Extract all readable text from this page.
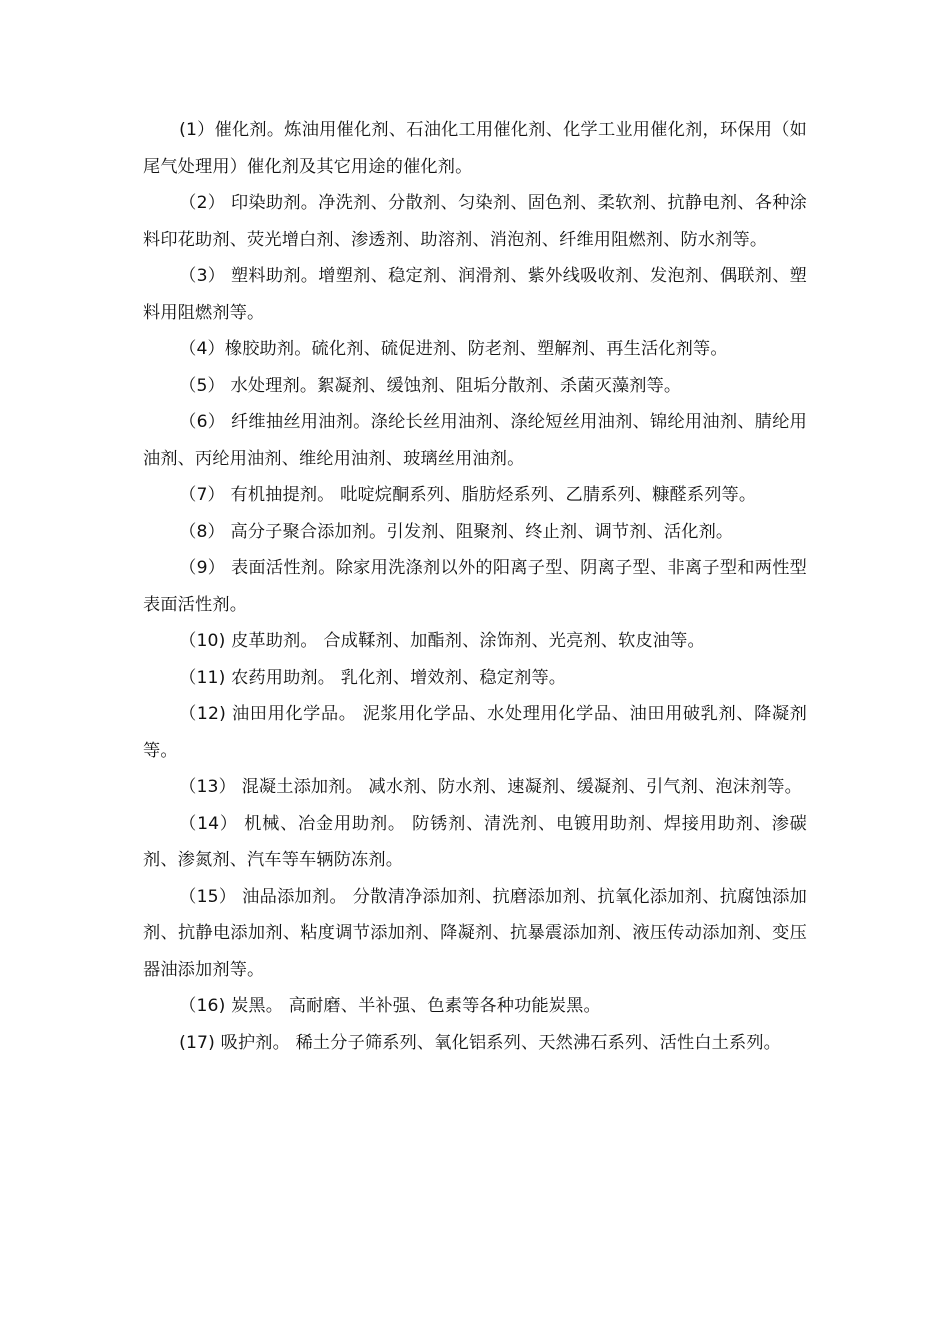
(1）催化剂。炼油用催化剂、石油化工用催化剂、化学工业用催化剂，环保用（如尾气处理用）催化剂及其它用途的催化剂。

（2） 印染助剂。净洗剂、分散剂、匀染剂、固色剂、柔软剂、抗静电剂、各种涂料印花助剂、荧光增白剂、渗透剂、助溶剂、消泡剂、纤维用阻燃剂、防水剂等。

（3） 塑料助剂。增塑剂、稳定剂、润滑剂、紫外线吸收剂、发泡剂、偶联剂、塑料用阻燃剂等。

（4）橡胶助剂。硫化剂、硫促进剂、防老剂、塑解剂、再生活化剂等。

（5） 水处理剂。絮凝剂、缓蚀剂、阻垢分散剂、杀菌灭藻剂等。

（6） 纤维抽丝用油剂。涤纶长丝用油剂、涤纶短丝用油剂、锦纶用油剂、腈纶用油剂、丙纶用油剂、维纶用油剂、玻璃丝用油剂。

（7） 有机抽提剂。 吡啶烷酮系列、脂肪烃系列、乙腈系列、糠醛系列等。

（8） 高分子聚合添加剂。引发剂、阻聚剂、终止剂、调节剂、活化剂。

（9） 表面活性剂。除家用洗涤剂以外的阳离子型、阴离子型、非离子型和两性型表面活性剂。

（10) 皮革助剂。 合成鞣剂、加酯剂、涂饰剂、光亮剂、软皮油等。

（11) 农药用助剂。 乳化剂、增效剂、稳定剂等。

（12) 油田用化学品。 泥浆用化学品、水处理用化学品、油田用破乳剂、降凝剂等。

（13） 混凝土添加剂。 减水剂、防水剂、速凝剂、缓凝剂、引气剂、泡沫剂等。

（14） 机械、冶金用助剂。 防锈剂、清洗剂、电镀用助剂、焊接用助剂、渗碳剂、渗氮剂、汽车等车辆防冻剂。

（15） 油品添加剂。 分散清净添加剂、抗磨添加剂、抗氧化添加剂、抗腐蚀添加剂、抗静电添加剂、粘度调节添加剂、降凝剂、抗暴震添加剂、液压传动添加剂、变压器油添加剂等。

（16) 炭黑。 高耐磨、半补强、色素等各种功能炭黑。

(17) 吸护剂。 稀土分子筛系列、氧化铝系列、天然沸石系列、活性白土系列。
